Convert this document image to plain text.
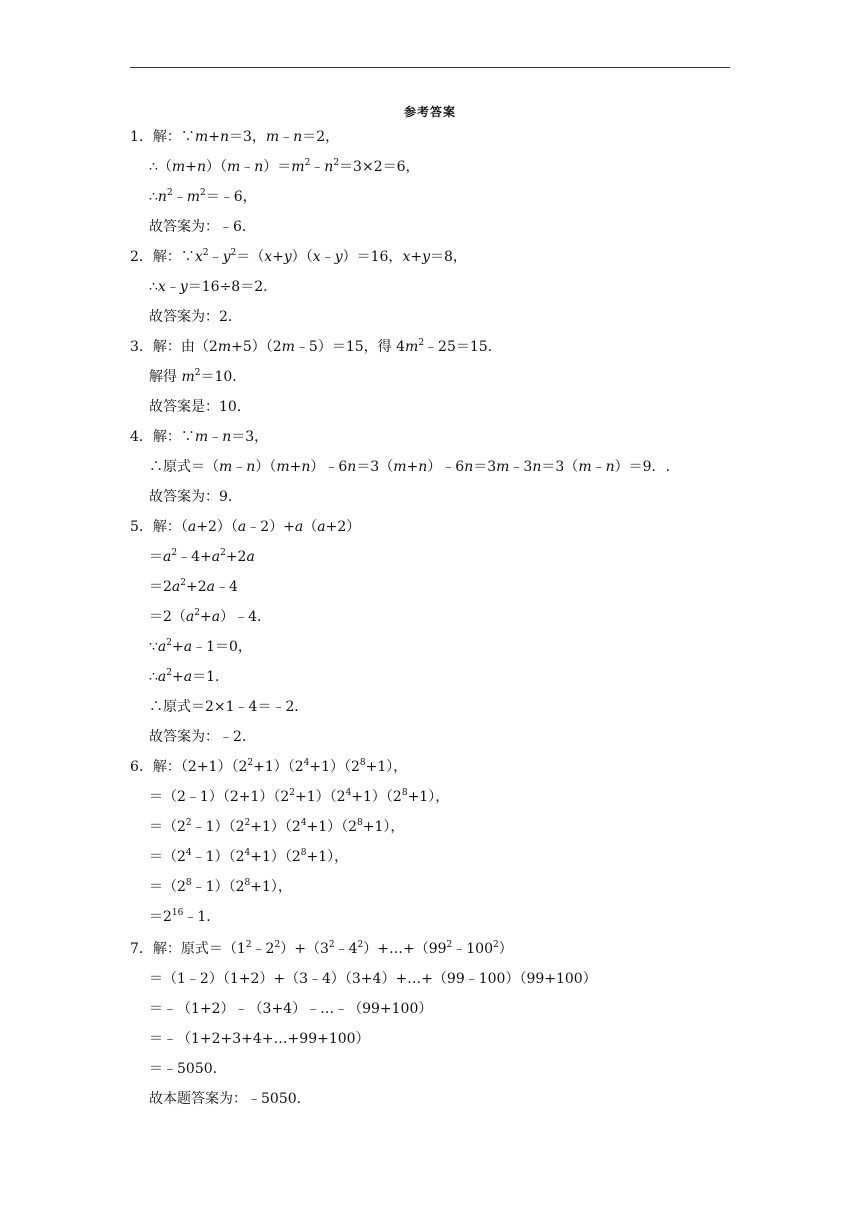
参考答案
1．解：∵m+n＝3，m﹣n＝2，
$\therefore(m+n)(m﹣n)=m^2﹣n^2=3\times 2=6$，
$\therefore n^2﹣m^2=﹣6$，
故答案为：﹣6．
2．解：$\because x^2﹣y^2=(x+y)(x﹣y)=16$，x+y＝8，
∴x﹣y＝16÷8＝2．
故答案为：2．
3．解：由（2m+5）（2m﹣5）＝15，得 $4m^2﹣25=15$．
解得 $m^2=10$．
故答案是：10．
4．解：∵m﹣n＝3，
∴原式＝（m﹣n）（m+n）﹣6n＝3（m+n）﹣6n＝3m﹣3n＝3（m﹣n）＝9．.
故答案为：9．
5．解：（a+2）（a﹣2）+a（a+2）
$=a^2﹣4+a^2+2a$
$=2a^2+2a﹣4$
$=2(a^2+a)﹣4$．
$\because a^2+a﹣1=0$，
$\therefore a^2+a=1$．
∴原式＝2×1﹣4＝﹣2．
故答案为：﹣2．
6．解：$(2+1)(2^2+1)(2^4+1)(2^8+1)$，
$=(2﹣1)(2+1)(2^2+1)(2^4+1)(2^8+1)$，
$=(2^2﹣1)(2^2+1)(2^4+1)(2^8+1)$，
$=(2^4﹣1)(2^4+1)(2^8+1)$，
$=(2^8﹣1)(2^8+1)$，
$=2^{16}﹣1$．
7．解：原式$=(1^2﹣2^2)+(3^2﹣4^2)+\dots+(99^2﹣100^2)$
＝（1﹣2）（1+2）+（3﹣4）（3+4）+…+（99﹣100）（99+100）
＝﹣（1+2）﹣（3+4）﹣…﹣（99+100）
＝﹣（1+2+3+4+…+99+100）
＝﹣5050．
故本题答案为：﹣5050．
